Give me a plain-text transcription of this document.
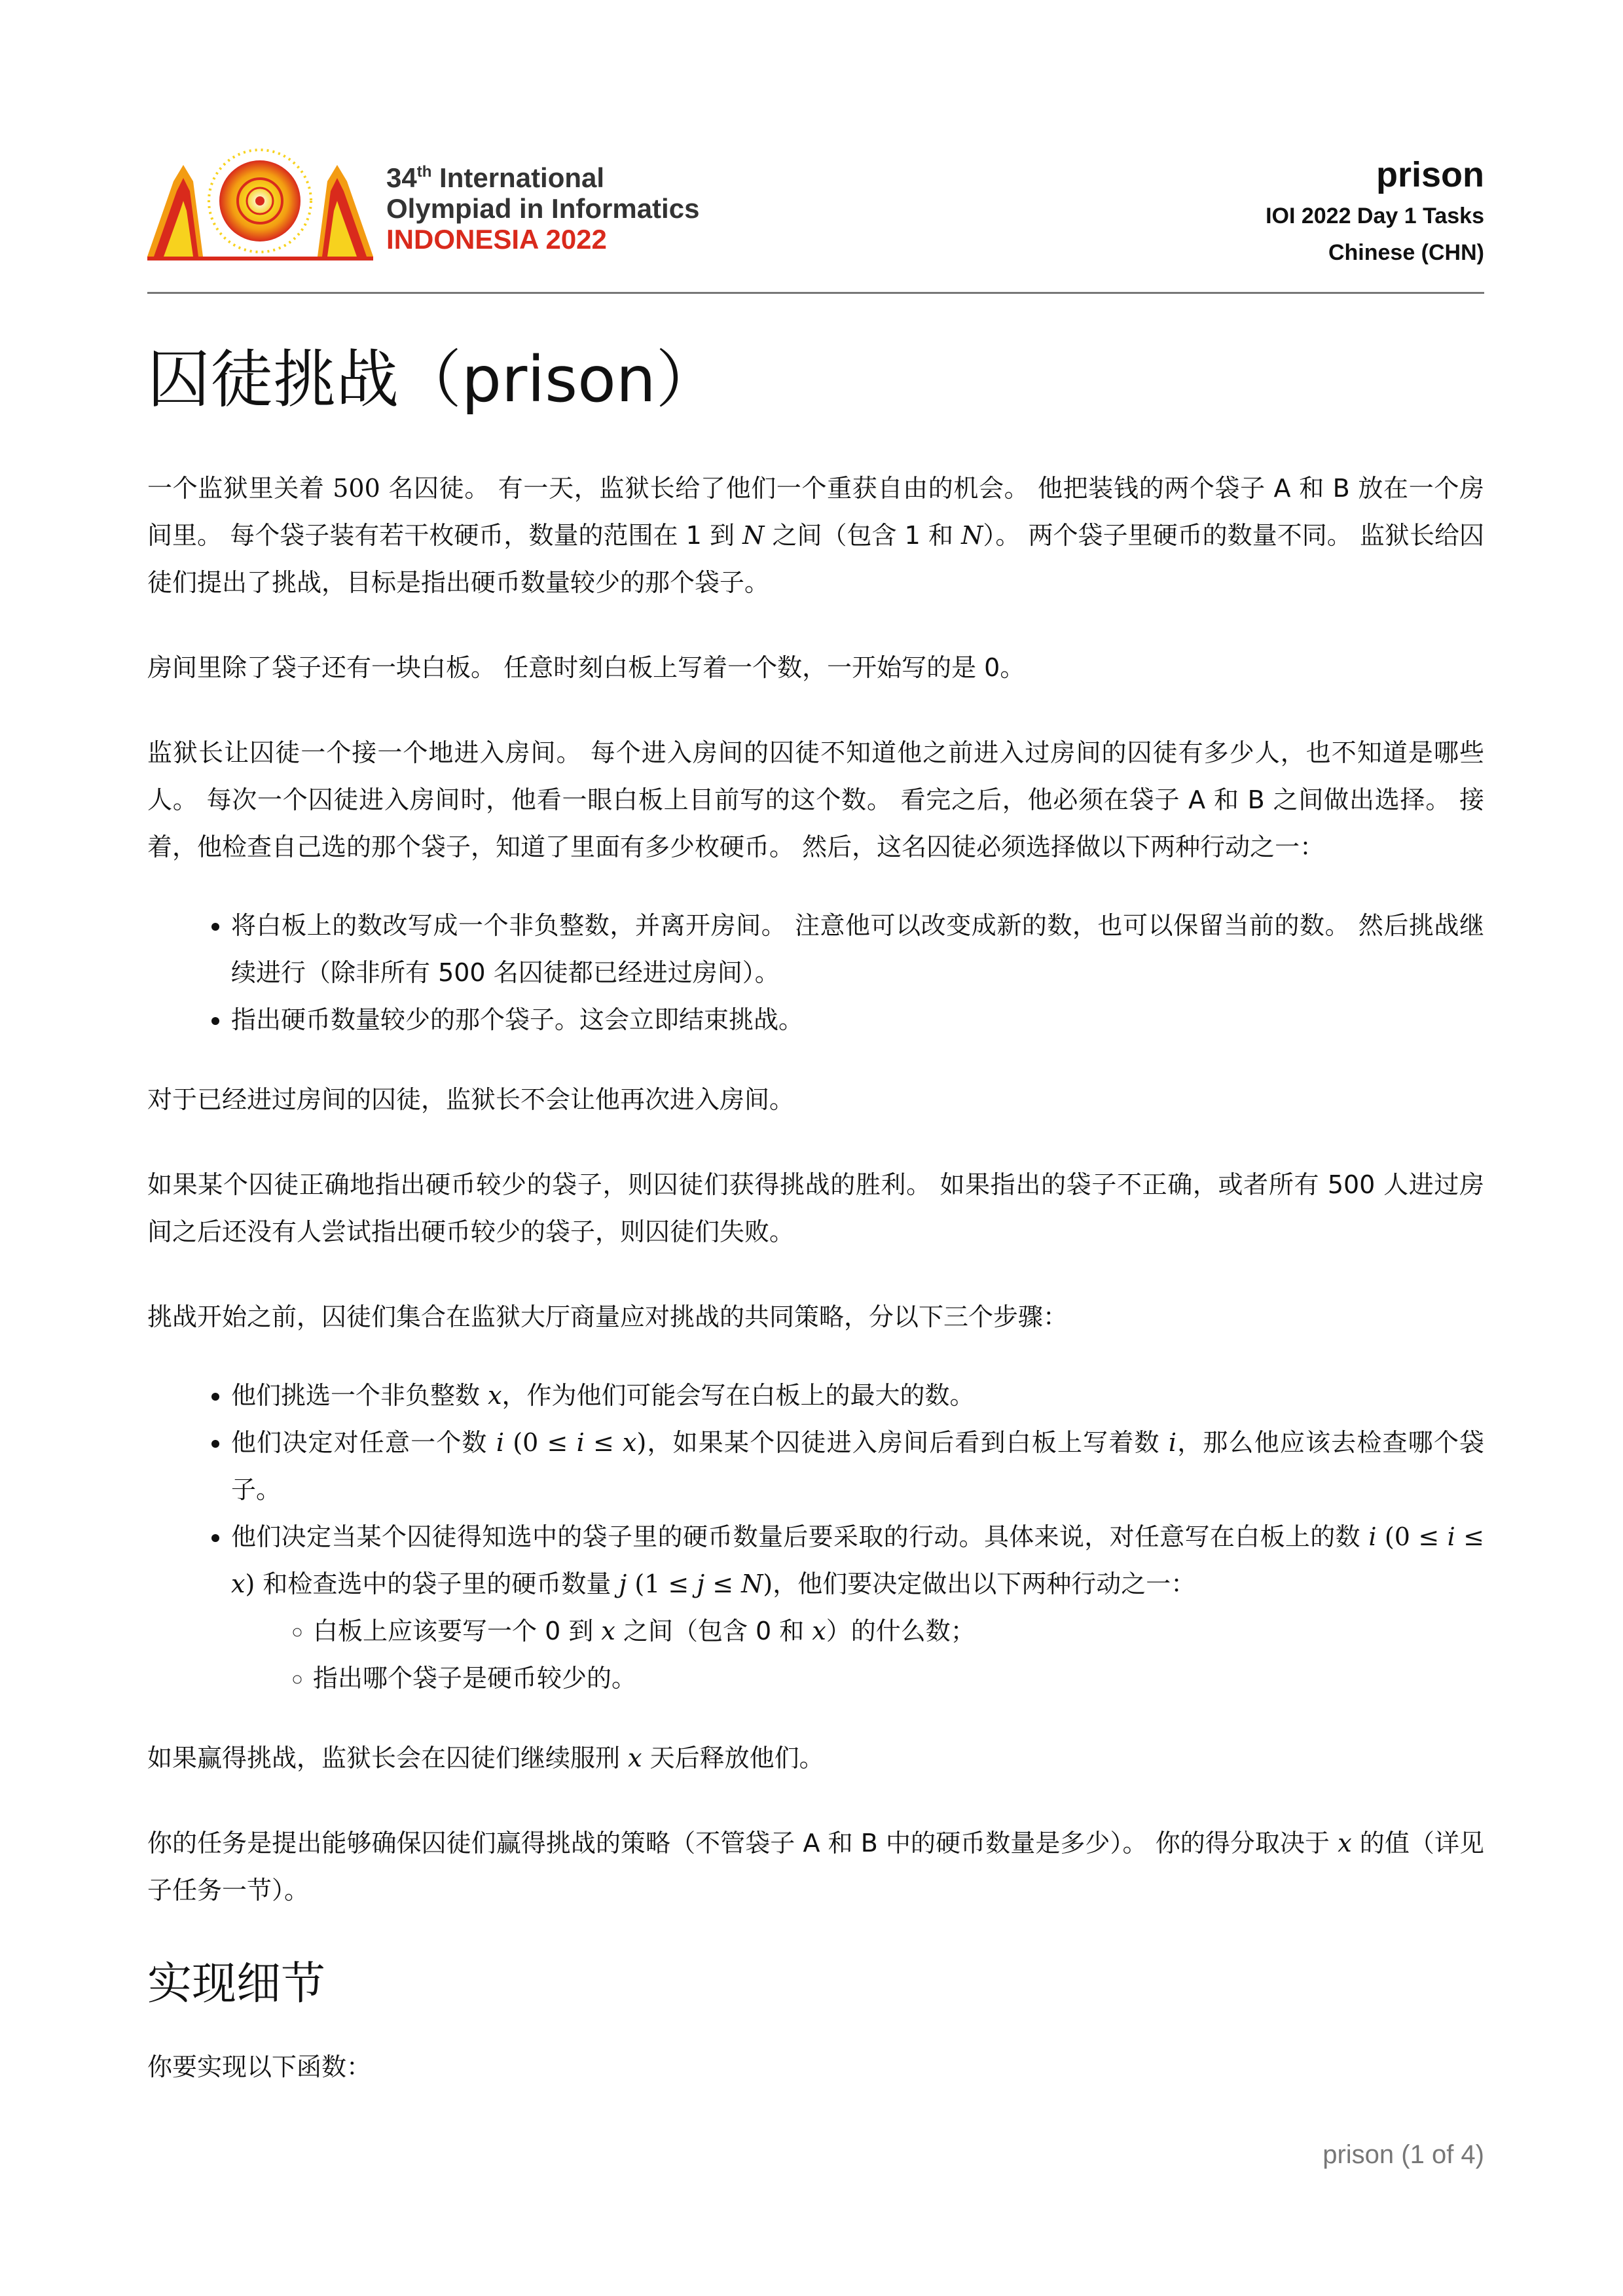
34th International
Olympiad in Informatics
INDONESIA 2022
prison
IOI 2022 Day 1 Tasks
Chinese (CHN)
囚徒挑战（prison）

一个监狱里关着 500 名囚徒。 有一天，监狱长给了他们一个重获自由的机会。 他把装钱的两个袋子 A 和 B 放在一个房间里。 每个袋子装有若干枚硬币，数量的范围在 1 到 N 之间（包含 1 和 N）。 两个袋子里硬币的数量不同。 监狱长给囚徒们提出了挑战，目标是指出硬币数量较少的那个袋子。

房间里除了袋子还有一块白板。 任意时刻白板上写着一个数，一开始写的是 0。

监狱长让囚徒一个接一个地进入房间。 每个进入房间的囚徒不知道他之前进入过房间的囚徒有多少人，也不知道是哪些人。 每次一个囚徒进入房间时，他看一眼白板上目前写的这个数。 看完之后，他必须在袋子 A 和 B 之间做出选择。 接着，他检查自己选的那个袋子，知道了里面有多少枚硬币。 然后，这名囚徒必须选择做以下两种行动之一：

• 将白板上的数改写成一个非负整数，并离开房间。 注意他可以改变成新的数，也可以保留当前的数。 然后挑战继续进行（除非所有 500 名囚徒都已经进过房间）。
• 指出硬币数量较少的那个袋子。这会立即结束挑战。

对于已经进过房间的囚徒，监狱长不会让他再次进入房间。

如果某个囚徒正确地指出硬币较少的袋子，则囚徒们获得挑战的胜利。 如果指出的袋子不正确，或者所有 500 人进过房间之后还没有人尝试指出硬币较少的袋子，则囚徒们失败。

挑战开始之前，囚徒们集合在监狱大厅商量应对挑战的共同策略，分以下三个步骤：

• 他们挑选一个非负整数 x，作为他们可能会写在白板上的最大的数。
• 他们决定对任意一个数 i (0 ≤ i ≤ x)，如果某个囚徒进入房间后看到白板上写着数 i，那么他应该去检查哪个袋子。
• 他们决定当某个囚徒得知选中的袋子里的硬币数量后要采取的行动。具体来说，对任意写在白板上的数 i (0 ≤ i ≤ x) 和检查选中的袋子里的硬币数量 j (1 ≤ j ≤ N)，他们要决定做出以下两种行动之一：
◦ 白板上应该要写一个 0 到 x 之间（包含 0 和 x）的什么数；
◦ 指出哪个袋子是硬币较少的。

如果赢得挑战，监狱长会在囚徒们继续服刑 x 天后释放他们。

你的任务是提出能够确保囚徒们赢得挑战的策略（不管袋子 A 和 B 中的硬币数量是多少）。 你的得分取决于 x 的值（详见子任务一节）。

实现细节

你要实现以下函数：

prison (1 of 4)
